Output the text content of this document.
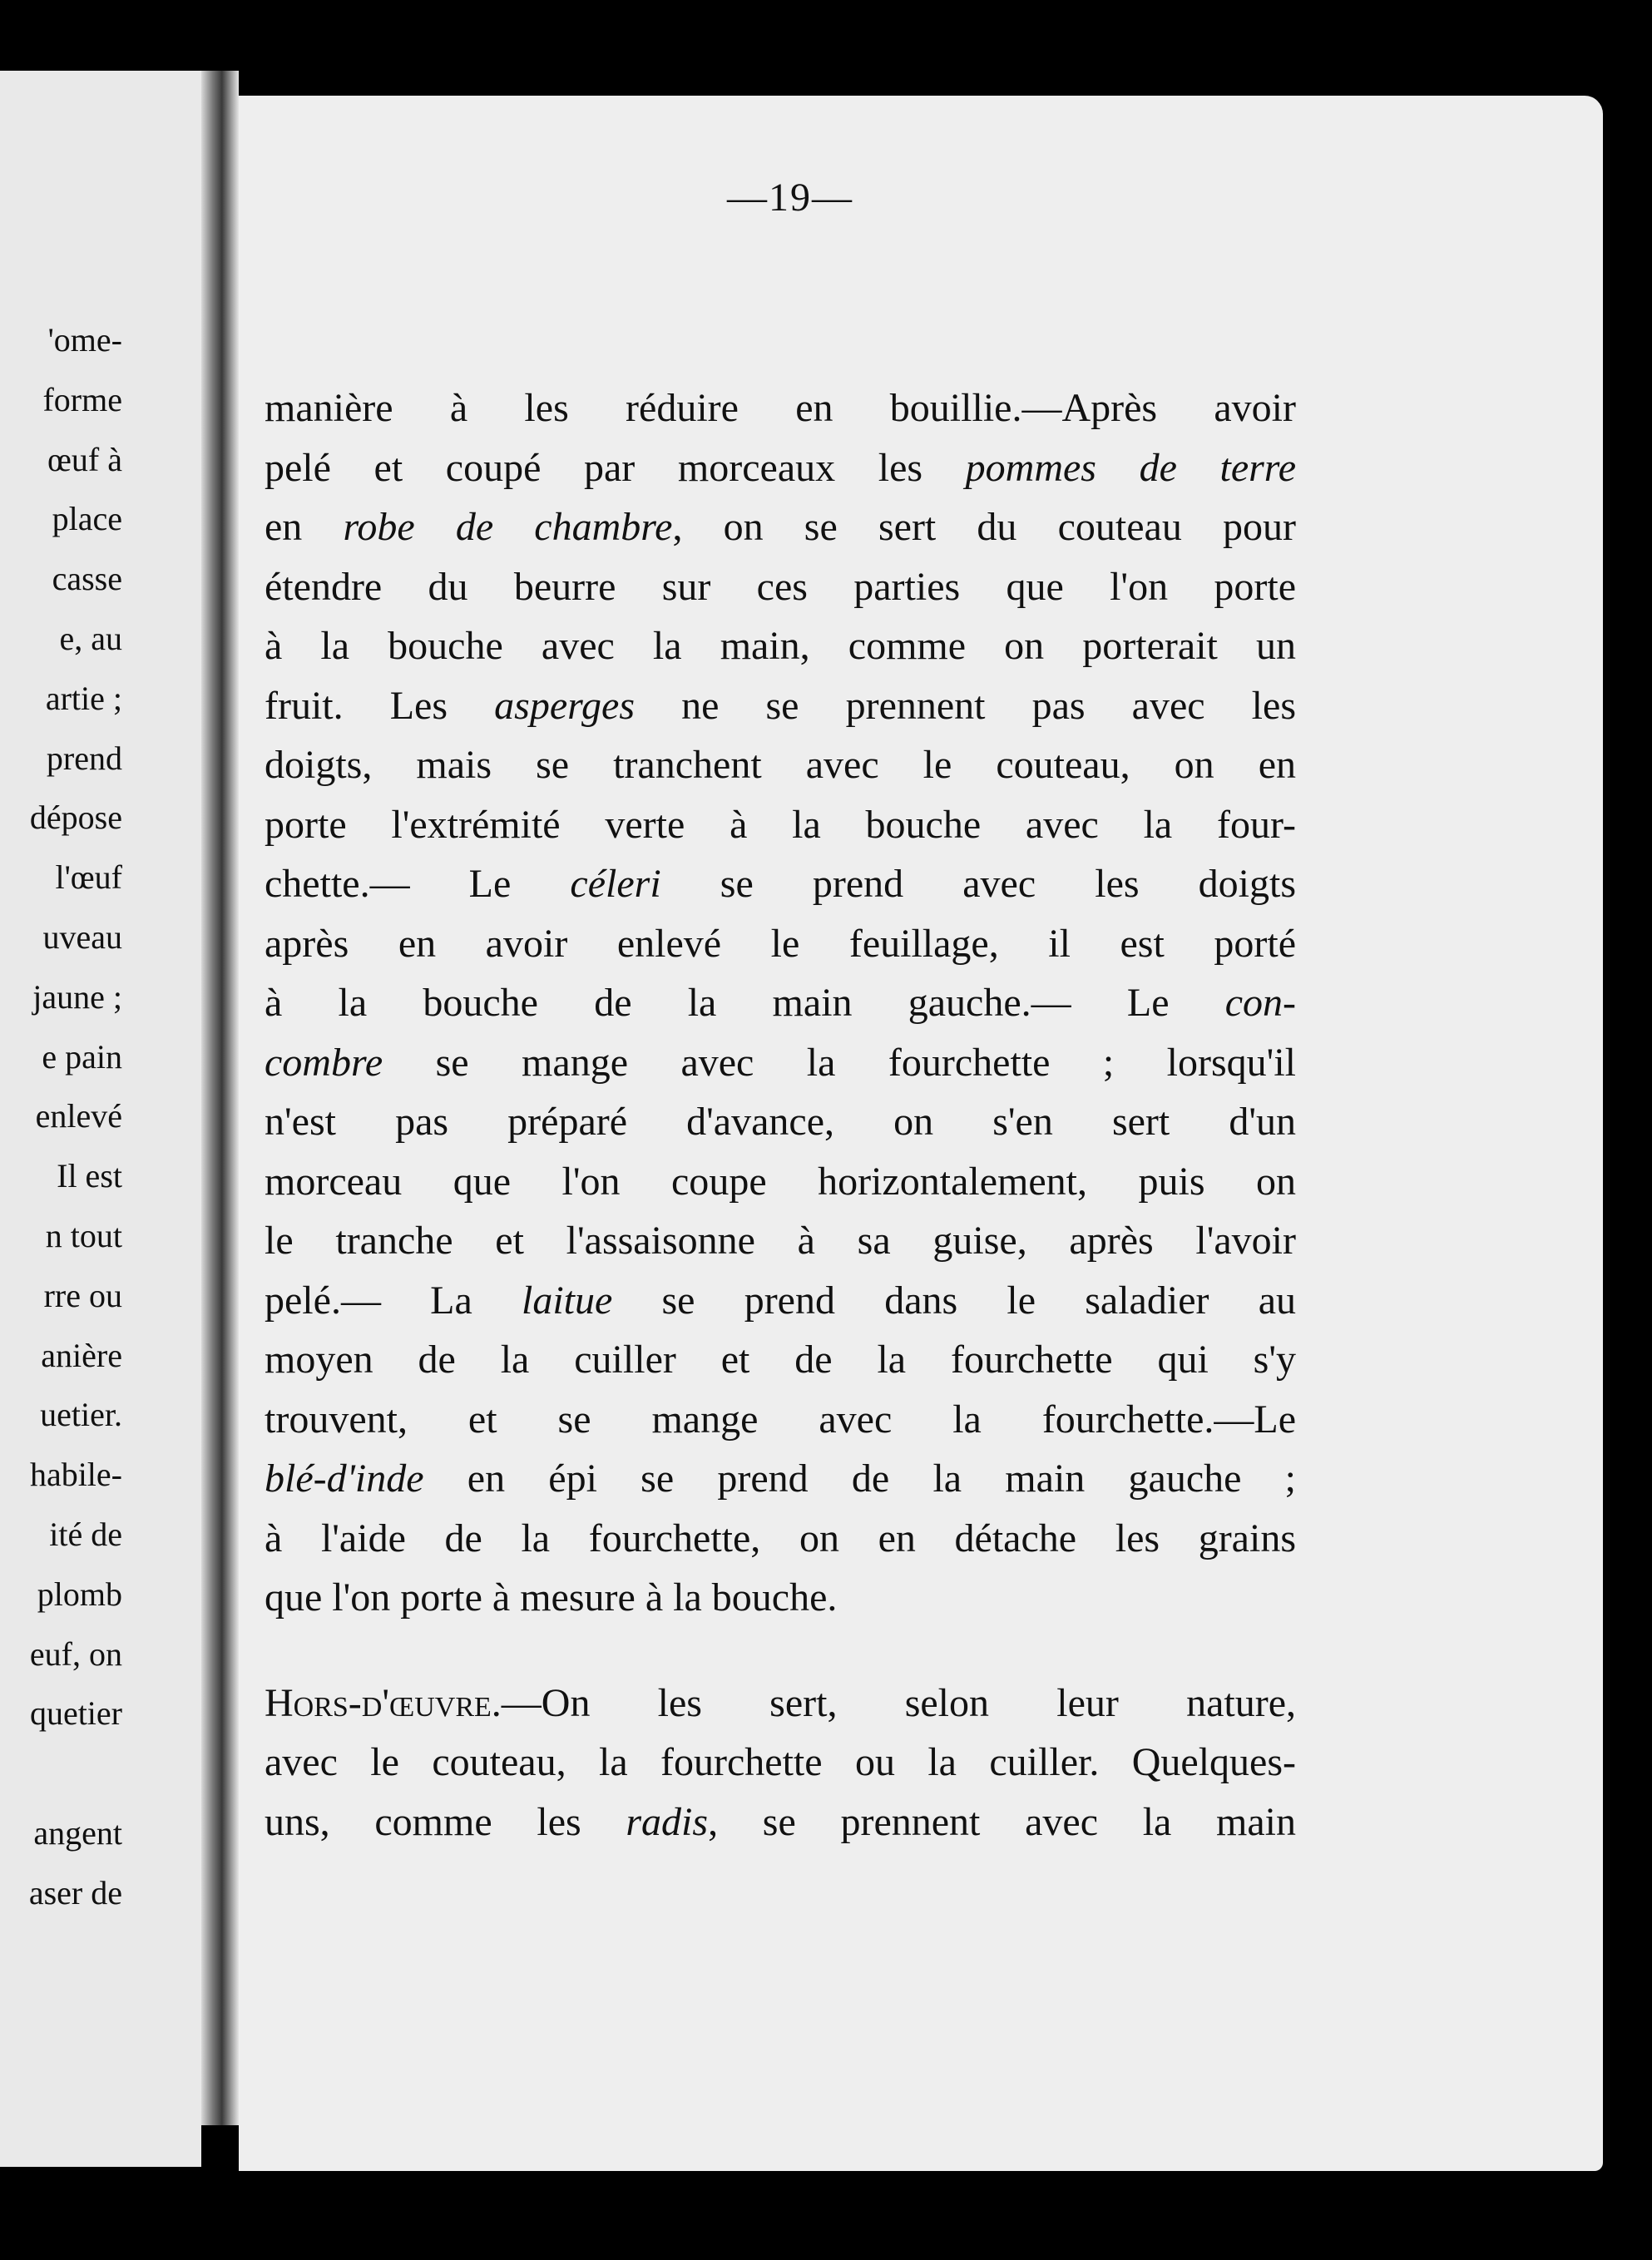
'ome-
forme
œuf à
place
casse
e, au
artie ;
prend
dépose
l'œuf
uveau
jaune ;
e pain
enlevé
Il est
n tout
rre ou
anière
uetier.
habile-
ité de
plomb
euf, on
quetier
angent
aser de
—19—
manière à les réduire en bouillie.—Après avoir
pelé et coupé par morceaux les pommes de terre
en robe de chambre, on se sert du couteau pour
étendre du beurre sur ces parties que l'on porte
à la bouche avec la main, comme on porterait un
fruit. Les asperges ne se prennent pas avec les
doigts, mais se tranchent avec le couteau, on en
porte l'extrémité verte à la bouche avec la four-
chette.— Le céleri se prend avec les doigts
après en avoir enlevé le feuillage, il est porté
à la bouche de la main gauche.— Le con-
combre se mange avec la fourchette ; lorsqu'il
n'est pas préparé d'avance, on s'en sert d'un
morceau que l'on coupe horizontalement, puis on
le tranche et l'assaisonne à sa guise, après l'avoir
pelé.— La laitue se prend dans le saladier au
moyen de la cuiller et de la fourchette qui s'y
trouvent, et se mange avec la fourchette.—Le
blé-d'inde en épi se prend de la main gauche ;
à l'aide de la fourchette, on en détache les grains
que l'on porte à mesure à la bouche.
Hors-d'œuvre.—On les sert, selon leur nature,
avec le couteau, la fourchette ou la cuiller. Quelques-
uns, comme les radis, se prennent avec la main
